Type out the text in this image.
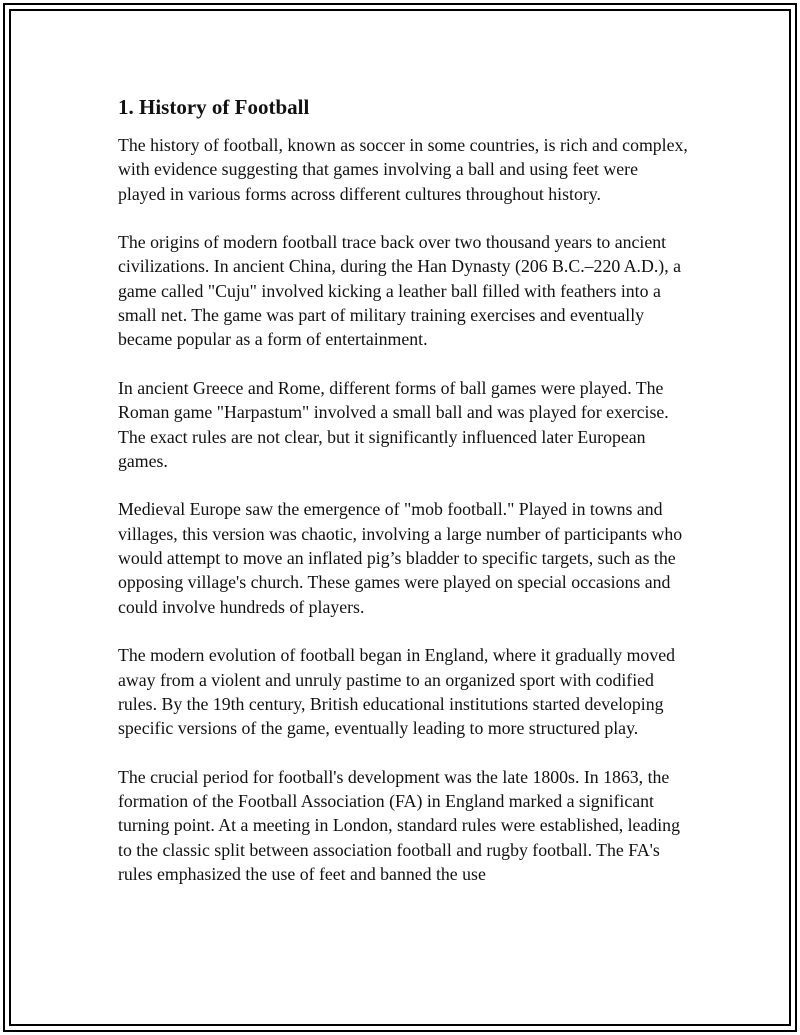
1. History of Football

The history of football, known as soccer in some countries, is rich and complex, with evidence suggesting that games involving a ball and using feet were played in various forms across different cultures throughout history.

The origins of modern football trace back over two thousand years to ancient civilizations. In ancient China, during the Han Dynasty (206 B.C.–220 A.D.), a game called "Cuju" involved kicking a leather ball filled with feathers into a small net. The game was part of military training exercises and eventually became popular as a form of entertainment.

In ancient Greece and Rome, different forms of ball games were played. The Roman game "Harpastum" involved a small ball and was played for exercise. The exact rules are not clear, but it significantly influenced later European games.

Medieval Europe saw the emergence of "mob football." Played in towns and villages, this version was chaotic, involving a large number of participants who would attempt to move an inflated pig’s bladder to specific targets, such as the opposing village's church. These games were played on special occasions and could involve hundreds of players.

The modern evolution of football began in England, where it gradually moved away from a violent and unruly pastime to an organized sport with codified rules. By the 19th century, British educational institutions started developing specific versions of the game, eventually leading to more structured play.

The crucial period for football's development was the late 1800s. In 1863, the formation of the Football Association (FA) in England marked a significant turning point. At a meeting in London, standard rules were established, leading to the classic split between association football and rugby football. The FA's rules emphasized the use of feet and banned the use
